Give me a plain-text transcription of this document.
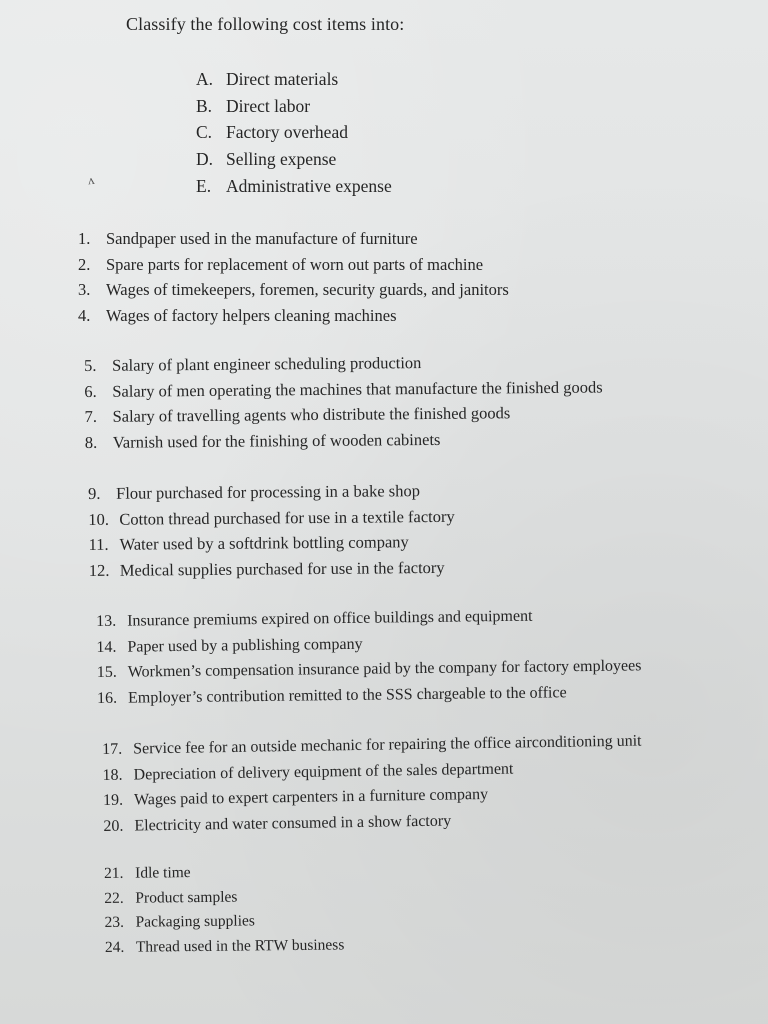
Classify the following cost items into:
A. Direct materials
B. Direct labor
C. Factory overhead
D. Selling expense
E. Administrative expense
ʌ
1. Sandpaper used in the manufacture of furniture
2. Spare parts for replacement of worn out parts of machine
3. Wages of timekeepers, foremen, security guards, and janitors
4. Wages of factory helpers cleaning machines
5. Salary of plant engineer scheduling production
6. Salary of men operating the machines that manufacture the finished goods
7. Salary of travelling agents who distribute the finished goods
8. Varnish used for the finishing of wooden cabinets
9. Flour purchased for processing in a bake shop
10. Cotton thread purchased for use in a textile factory
11. Water used by a softdrink bottling company
12. Medical supplies purchased for use in the factory
13. Insurance premiums expired on office buildings and equipment
14. Paper used by a publishing company
15. Workmen’s compensation insurance paid by the company for factory employees
16. Employer’s contribution remitted to the SSS chargeable to the office
17. Service fee for an outside mechanic for repairing the office airconditioning unit
18. Depreciation of delivery equipment of the sales department
19. Wages paid to expert carpenters in a furniture company
20. Electricity and water consumed in a show factory
21. Idle time
22. Product samples
23. Packaging supplies
24. Thread used in the RTW business
